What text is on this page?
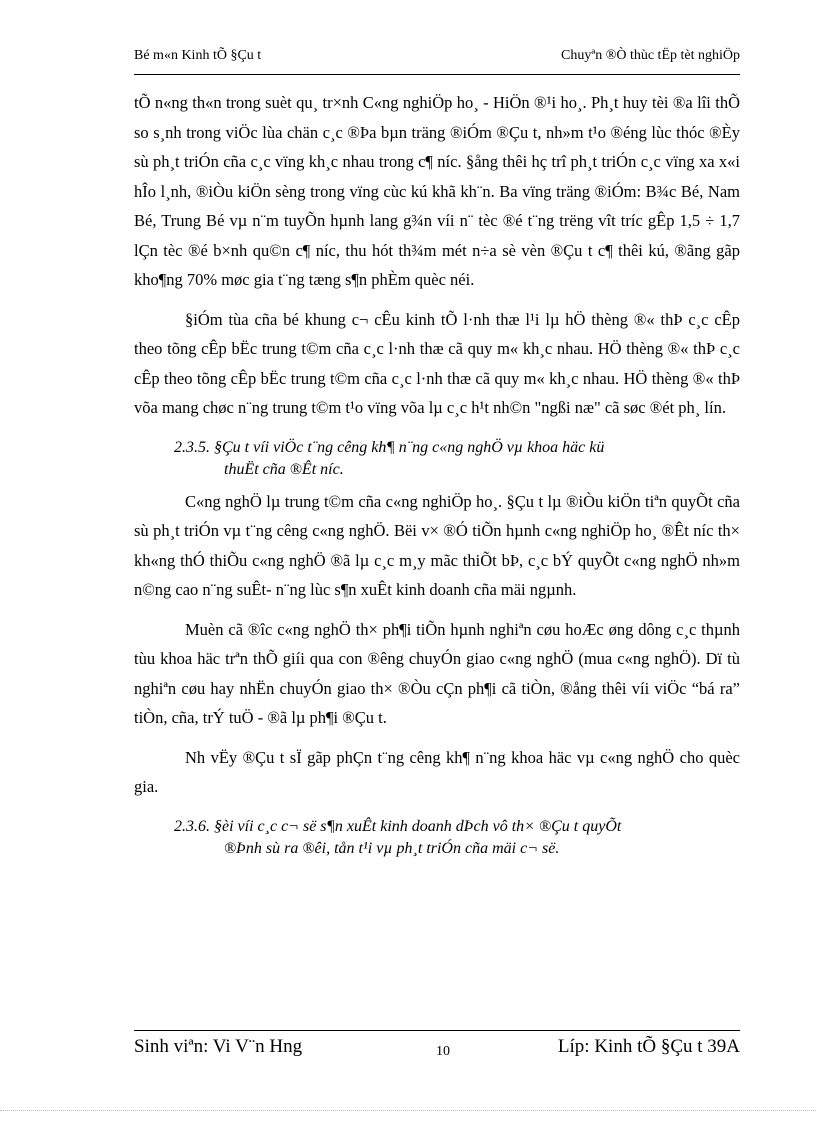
Bé m«n Kinh tÕ §Çu t	Chuyªn ®Ò thùc tËp tèt nghiÖp

tÕ n«ng th«n trong suèt qu¸ tr×nh C«ng nghiÖp ho¸ - HiÖn ®¹i ho¸. Ph¸t huy tèi ®a lîi thÕ so s¸nh trong viÖc lùa chän c¸c ®Þa bµn träng ®iÓm ®Çu t, nh»m t¹o ®éng lùc thóc ®Èy sù ph¸t triÓn cña c¸c vïng kh¸c nhau trong c¶ níc. §ång thêi hç trî ph¸t triÓn c¸c vïng xa x«i hÎo l¸nh, ®iÒu kiÖn sèng trong vïng cùc kú khã kh¨n. Ba vïng träng ®iÓm: B¾c Bé, Nam Bé, Trung Bé vµ n¨m tuyÕn hµnh lang g¾n víi n¨ tèc ®é t¨ng trëng vît tríc gÊp 1,5 ÷ 1,7 lÇn tèc ®é b×nh qu©n c¶ níc, thu hót th¾m mét n÷a sè vèn ®Çu t c¶ thêi kú, ®ãng gãp kho¶ng 70% møc gia t¨ng tæng s¶n phÈm quèc néi.

§iÓm tùa cña bé khung c¬ cÊu kinh tÕ l·nh thæ l¹i lµ hÖ thèng ®« thÞ c¸c cÊp theo tõng cÊp bËc trung t©m cña c¸c l·nh thæ cã quy m« kh¸c nhau. HÖ thèng ®« thÞ c¸c cÊp theo tõng cÊp bËc trung t©m cña c¸c l·nh thæ cã quy m« kh¸c nhau. HÖ thèng ®« thÞ võa mang chøc n¨ng trung t©m t¹o vïng võa lµ c¸c h¹t nh©n "ngßi næ" cã søc ®ét ph¸ lín.

2.3.5. §Çu t víi viÖc t¨ng cêng kh¶ n¨ng c«ng nghÖ vµ khoa häc kü
thuËt cña ®Êt níc.

C«ng nghÖ lµ trung t©m cña c«ng nghiÖp ho¸. §Çu t lµ ®iÒu kiÖn tiªn quyÕt cña sù ph¸t triÓn vµ t¨ng cêng c«ng nghÖ. Bëi v× ®Ó tiÕn hµnh c«ng nghiÖp ho¸ ®Êt níc th× kh«ng thÓ thiÕu c«ng nghÖ ®ã lµ c¸c m¸y mãc thiÕt bÞ, c¸c bÝ quyÕt c«ng nghÖ nh»m n©ng cao n¨ng suÊt- n¨ng lùc s¶n xuÊt kinh doanh cña mäi ngµnh.

Muèn cã ®îc c«ng nghÖ th× ph¶i tiÕn hµnh nghiªn cøu hoÆc øng dông c¸c thµnh tùu khoa häc trªn thÕ giíi qua con ®êng chuyÓn giao c«ng nghÖ (mua c«ng nghÖ). Dï tù nghiªn cøu hay nhËn chuyÓn giao th× ®Òu cÇn ph¶i cã tiÒn, ®ång thêi víi viÖc “bá ra” tiÒn, cña, trÝ tuÖ - ®ã lµ ph¶i ®Çu t.

Nh vËy ®Çu t sÏ gãp phÇn t¨ng cêng kh¶ n¨ng khoa häc vµ c«ng nghÖ cho quèc gia.

2.3.6. §èi víi c¸c c¬ së s¶n xuÊt kinh doanh dÞch vô th× ®Çu t quyÕt
®Þnh sù ra ®êi, tån t¹i vµ ph¸t triÓn cña mäi c¬ së.

Sinh viªn: Vi V¨n Hng	10	Líp: Kinh tÕ §Çu t 39A
